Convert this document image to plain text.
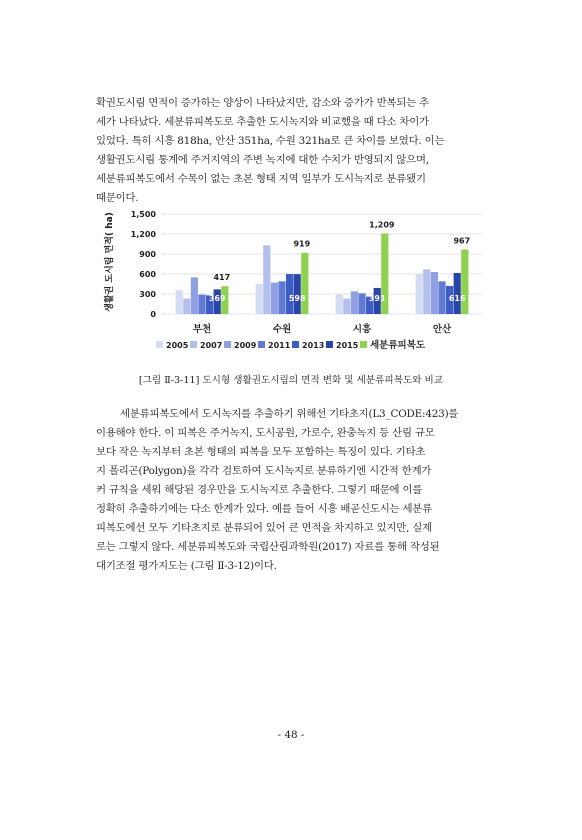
확권도시림 면적이 증가하는 양상이 나타났지만, 감소와 증가가 반복되는 추
세가 나타났다. 세분류피복도로 추출한 도시녹지와 비교했을 때 다소 차이가
있었다. 특히 시흥 818ha, 안산 351ha, 수원 321ha로 큰 차이를 보였다. 이는
생활권도시림 통계에 주거지역의 주변 녹지에 대한 수치가 반영되지 않으며,
세분류피복도에서 수목이 없는 초본 형태 지역 일부가 도시녹지로 분류됐기
때문이다.

0
300
600
900
1,200
1,500
369
417
부천
598
919
수원
391
1,209
시흥
616
967
안산
생활권 도시림 면적( ha)
2005 2007 2009 2011 2013 2015 세분류피복도
[그림 Ⅱ-3-11] 도시형 생활권도시림의 면적 변화 및 세분류피복도와 비교

세분류피복도에서 도시녹지를 추출하기 위해선 기타초지(L3_CODE:423)를
이용해야 한다. 이 피복은 주거녹지, 도시공원, 가로수, 완충녹지 등 산림 규모
보다 작은 녹지부터 초본 형태의 피복을 모두 포함하는 특징이 있다. 기타초
지 폴리곤(Polygon)을 각각 검토하여 도시녹지로 분류하기엔 시간적 한계가
커 규칙을 세워 해당된 경우만을 도시녹지로 추출한다. 그렇기 때문에 이를
정확히 추출하기에는 다소 한계가 있다. 예를 들어 시흥 배곧신도시는 세분류
피복도에선 모두 기타초지로 분류되어 있어 큰 면적을 차지하고 있지만, 실제
로는 그렇지 않다. 세분류피복도와 국립산림과학원(2017) 자료를 통해 작성된
대기조절 평가지도는 (그림 Ⅱ-3-12)이다.

- 48 -
